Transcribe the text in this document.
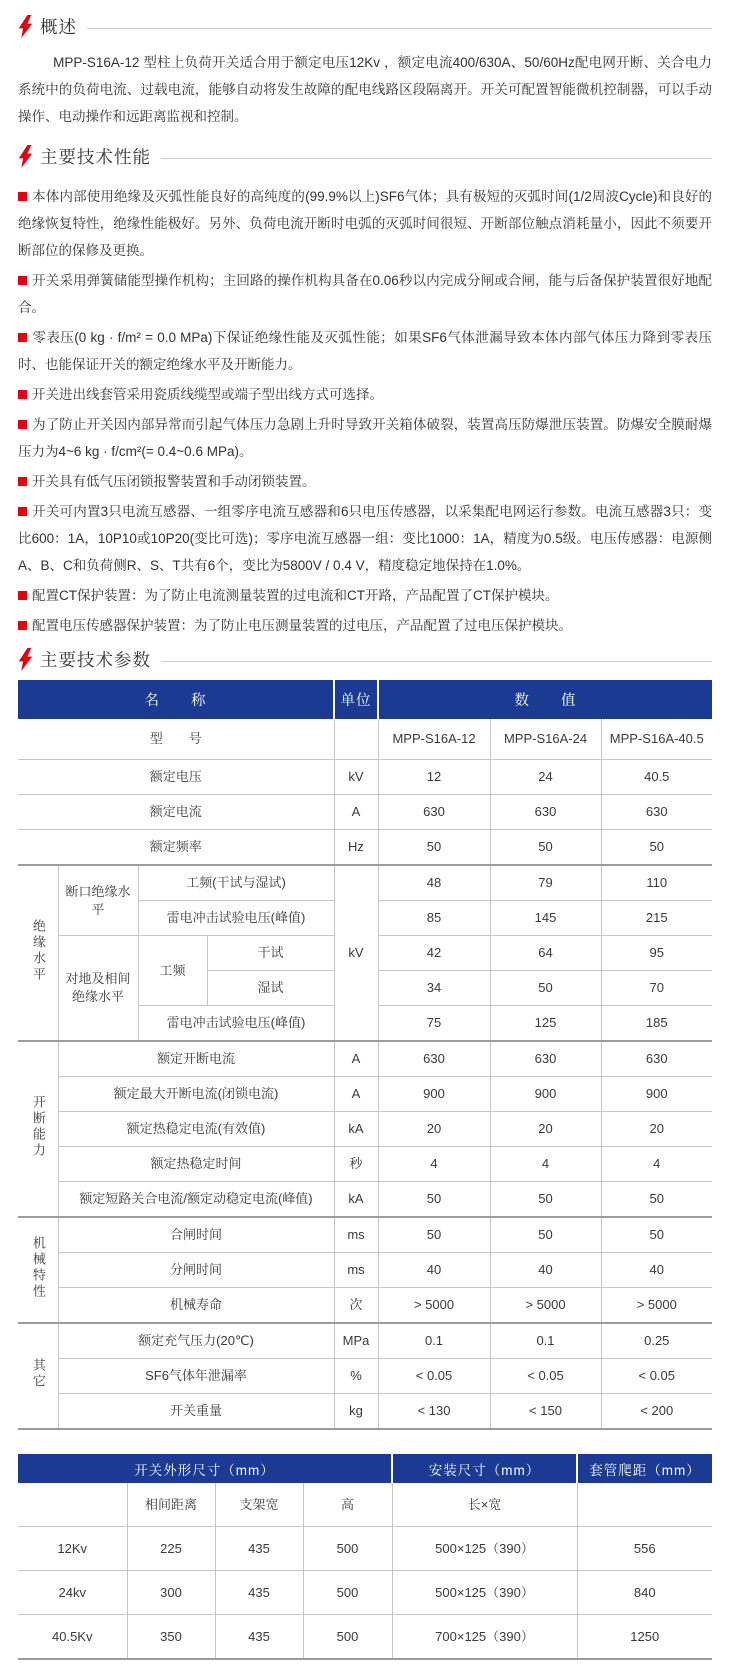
概述

MPP-S16A-12 型柱上负荷开关适合用于额定电压12Kv ，额定电流400/630A、50/60Hz配电网开断、关合电力系统中的负荷电流、过载电流，能够自动将发生故障的配电线路区段隔离开。开关可配置智能微机控制器，可以手动操作、电动操作和远距离监视和控制。

主要技术性能

本体内部使用绝缘及灭弧性能良好的高纯度的(99.9%以上)SF6气体；具有极短的灭弧时间(1/2周波Cycle)和良好的绝缘恢复特性，绝缘性能极好。另外、负荷电流开断时电弧的灭弧时间很短、开断部位触点消耗量小，因此不须要开断部位的保修及更换。

开关采用弹簧储能型操作机构；主回路的操作机构具备在0.06秒以内完成分闸或合闸，能与后备保护装置很好地配合。

零表压(0 kg · f/m² = 0.0 MPa)下保证绝缘性能及灭弧性能；如果SF6气体泄漏导致本体内部气体压力降到零表压时、也能保证开关的额定绝缘水平及开断能力。

开关进出线套管采用瓷质线缆型或端子型出线方式可选择。

为了防止开关因内部异常而引起气体压力急剧上升时导致开关箱体破裂，装置高压防爆泄压装置。防爆安全膜耐爆压力为4~6 kg · f/cm²(= 0.4~0.6 MPa)。

开关具有低气压闭锁报警装置和手动闭锁装置。

开关可内置3只电流互感器、一组零序电流互感器和6只电压传感器，以采集配电网运行参数。电流互感器3只：变比600：1A，10P10或10P20(变比可选)；零序电流互感器一组：变比1000：1A，精度为0.5级。电压传感器：电源侧A、B、C和负荷侧R、S、T共有6个，变比为5800V / 0.4 V，精度稳定地保持在1.0%。

配置CT保护装置：为了防止电流测量装置的过电流和CT开路，产品配置了CT保护模块。

配置电压传感器保护装置：为了防止电压测量装置的过电压，产品配置了过电压保护模块。

主要技术参数
名　　称				单位	数　　值		
型　　号					MPP-S16A-12	MPP-S16A-24	MPP-S16A-40.5
额定电压				kV	12	24	40.5
额定电流				A	630	630	630
额定频率				Hz	50	50	50
绝缘水平	断口绝缘水平	工频(干试与湿试)		kV	48	79	110
		雷电冲击试验电压(峰值)			85	145	215
	对地及相间绝缘水平	工频	干试		42	64	95
			湿试		34	50	70
		雷电冲击试验电压(峰值)			75	125	185
开断能力	额定开断电流			A	630	630	630
	额定最大开断电流(闭锁电流)			A	900	900	900
	额定热稳定电流(有效值)			kA	20	20	20
	额定热稳定时间			秒	4	4	4
	额定短路关合电流/额定动稳定电流(峰值)			kA	50	50	50
机械特性	合闸时间			ms	50	50	50
	分闸时间			ms	40	40	40
	机械寿命			次	> 5000	> 5000	> 5000
其它	额定充气压力(20℃)			MPa	0.1	0.1	0.25
	SF6气体年泄漏率			%	< 0.05	< 0.05	< 0.05
	开关重量			kg	< 130	< 150	< 200
开关外形尺寸（mm）				安装尺寸（mm）	套管爬距（mm）
	相间距离	支架宽	高	长×宽	
12Kv	225	435	500	500×125（390）	556
24kv	300	435	500	500×125（390）	840
40.5Kv	350	435	500	700×125（390）	1250
